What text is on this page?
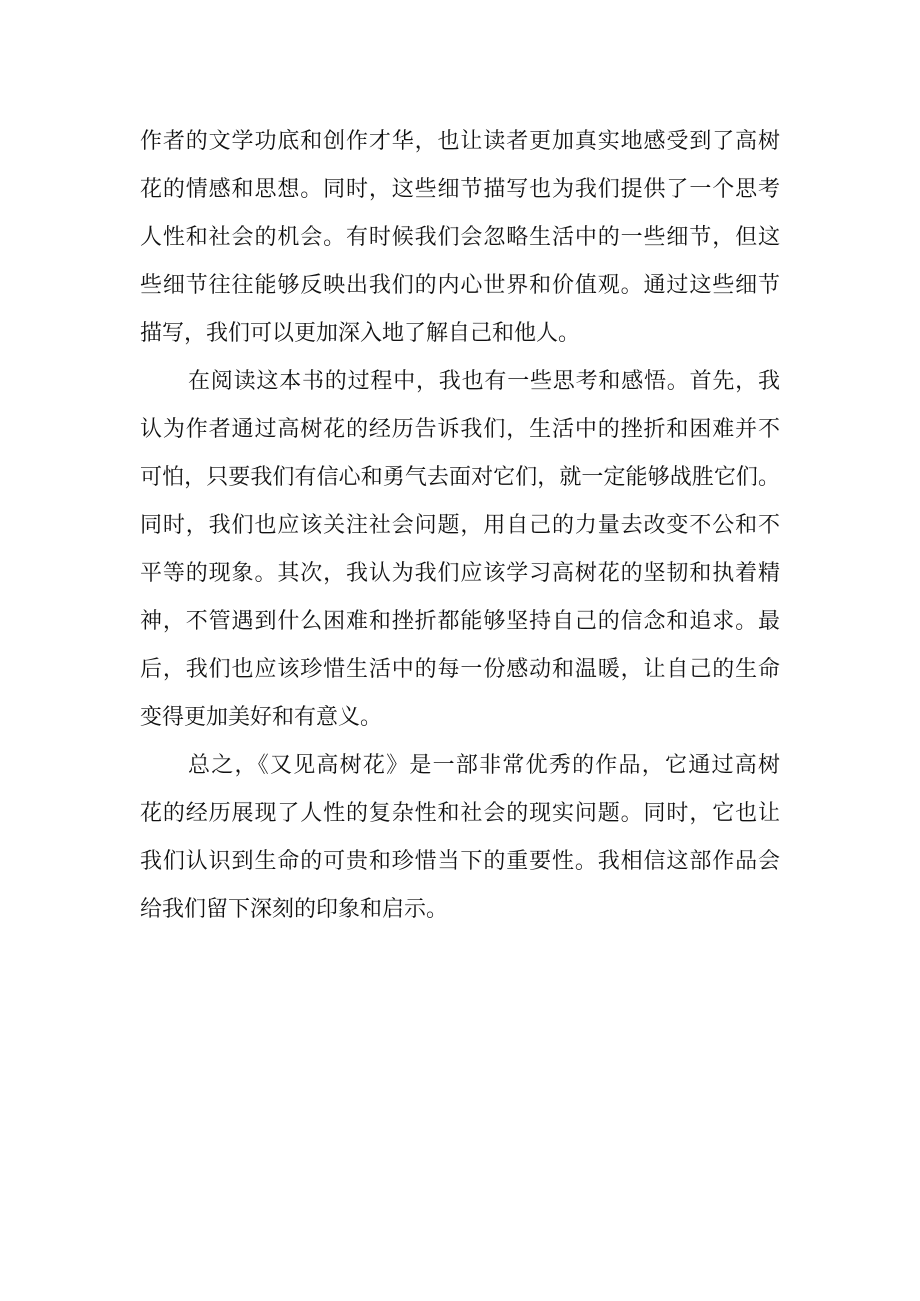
作者的文学功底和创作才华，也让读者更加真实地感受到了高树
花的情感和思想。同时，这些细节描写也为我们提供了一个思考
人性和社会的机会。有时候我们会忽略生活中的一些细节，但这
些细节往往能够反映出我们的内心世界和价值观。通过这些细节
描写，我们可以更加深入地了解自己和他人。
在阅读这本书的过程中，我也有一些思考和感悟。首先，我
认为作者通过高树花的经历告诉我们，生活中的挫折和困难并不
可怕，只要我们有信心和勇气去面对它们，就一定能够战胜它们。
同时，我们也应该关注社会问题，用自己的力量去改变不公和不
平等的现象。其次，我认为我们应该学习高树花的坚韧和执着精
神，不管遇到什么困难和挫折都能够坚持自己的信念和追求。最
后，我们也应该珍惜生活中的每一份感动和温暖，让自己的生命
变得更加美好和有意义。
总之，《又见高树花》是一部非常优秀的作品，它通过高树
花的经历展现了人性的复杂性和社会的现实问题。同时，它也让
我们认识到生命的可贵和珍惜当下的重要性。我相信这部作品会
给我们留下深刻的印象和启示。
